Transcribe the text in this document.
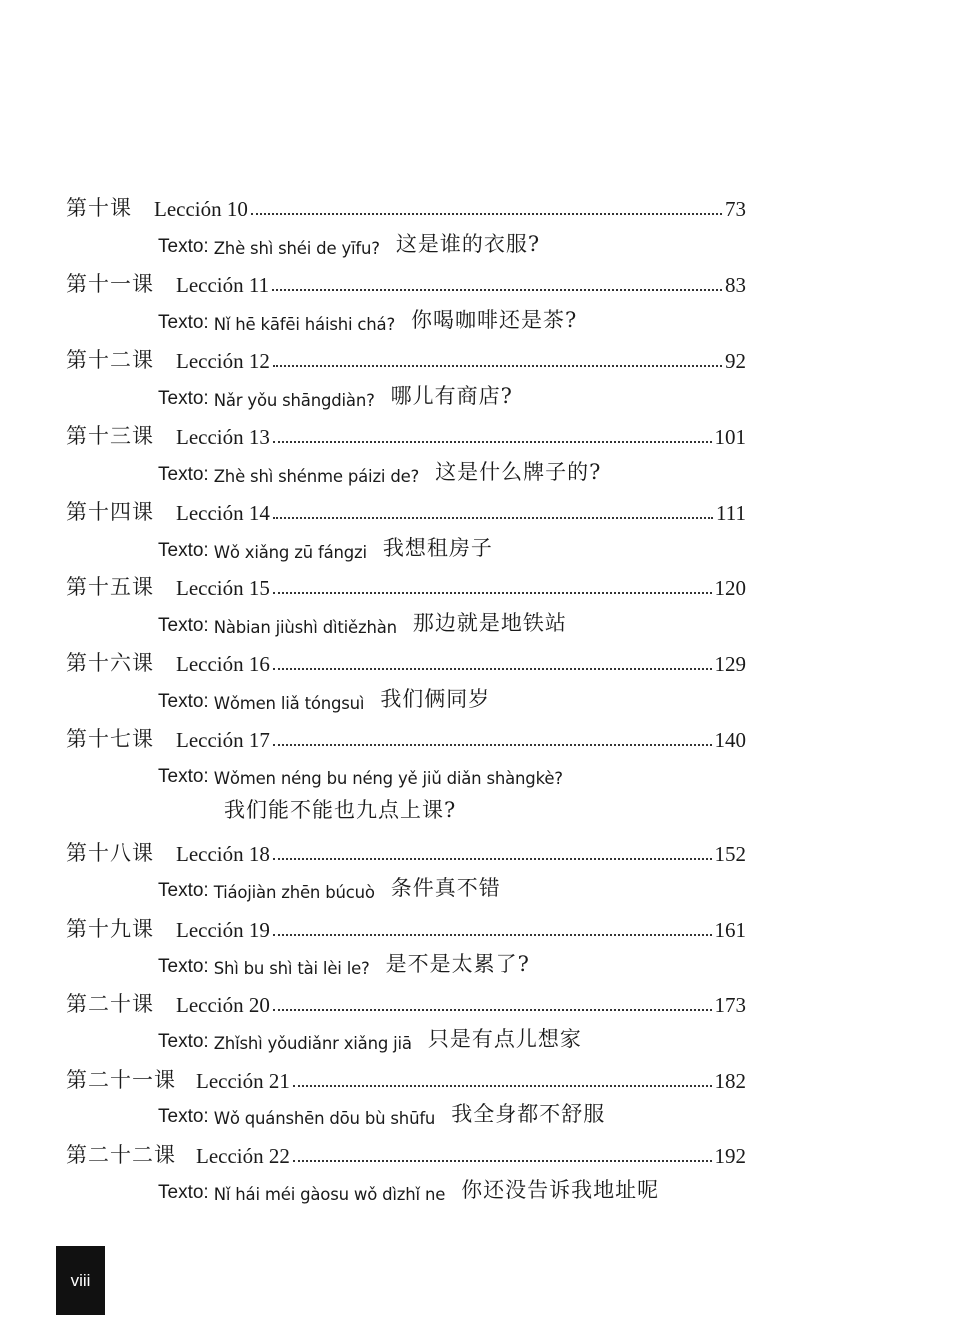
第十课 Lección 10	73
Texto: Zhè shì shéi de yīfu? 这是谁的衣服?
第十一课 Lección 11	83
Texto: Nǐ hē kāfēi háishi chá? 你喝咖啡还是茶?
第十二课 Lección 12	92
Texto: Nǎr yǒu shāngdiàn? 哪儿有商店?
第十三课 Lección 13	101
Texto: Zhè shì shénme páizi de? 这是什么牌子的?
第十四课 Lección 14	111
Texto: Wǒ xiǎng zū fángzi 我想租房子
第十五课 Lección 15	120
Texto: Nàbian jiùshì dìtiězhàn 那边就是地铁站
第十六课 Lección 16	129
Texto: Wǒmen liǎ tóngsuì 我们俩同岁
第十七课 Lección 17	140
Texto: Wǒmen néng bu néng yě jiǔ diǎn shàngkè?
我们能不能也九点上课?
第十八课 Lección 18	152
Texto: Tiáojiàn zhēn búcuò 条件真不错
第十九课 Lección 19	161
Texto: Shì bu shì tài lèi le? 是不是太累了?
第二十课 Lección 20	173
Texto: Zhǐshì yǒudiǎnr xiǎng jiā 只是有点儿想家
第二十一课 Lección 21	182
Texto: Wǒ quánshēn dōu bù shūfu 我全身都不舒服
第二十二课 Lección 22	192
Texto: Nǐ hái méi gàosu wǒ dìzhǐ ne 你还没告诉我地址呢
viii
